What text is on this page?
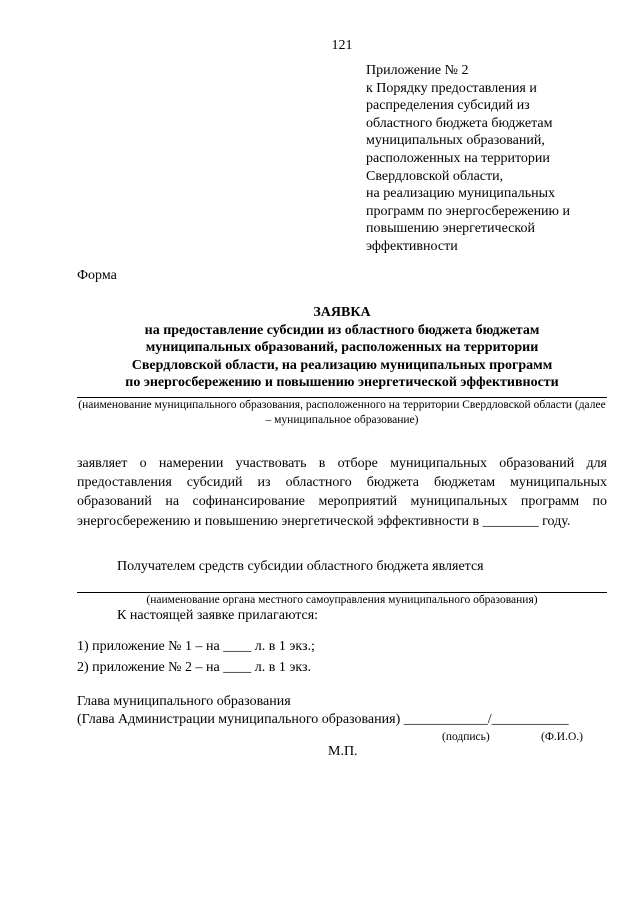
121
Приложение № 2
к Порядку предоставления и
распределения субсидий из
областного бюджета бюджетам
муниципальных образований,
расположенных на территории
Свердловской области,
на реализацию муниципальных
программ по энергосбережению и
повышению энергетической
эффективности
Форма
ЗАЯВКА
на предоставление субсидии из областного бюджета бюджетам
муниципальных образований, расположенных на территории
Свердловской области, на реализацию муниципальных программ
по энергосбережению и повышению энергетической эффективности
(наименование муниципального образования, расположенного на территории Свердловской области (далее – муниципальное образование)
заявляет о намерении участвовать в отборе муниципальных образований для предоставления субсидий из областного бюджета бюджетам муниципальных образований на софинансирование мероприятий муниципальных программ по энергосбережению и повышению энергетической эффективности в ________ году.
Получателем средств субсидии областного бюджета является
(наименование органа местного самоуправления муниципального образования)
К настоящей заявке прилагаются:
1) приложение № 1 – на ____ л. в 1 экз.;
2) приложение № 2 – на ____ л. в 1 экз.
Глава муниципального образования
(Глава Администрации муниципального образования) ____________/___________
(подпись)	(Ф.И.О.)
М.П.
